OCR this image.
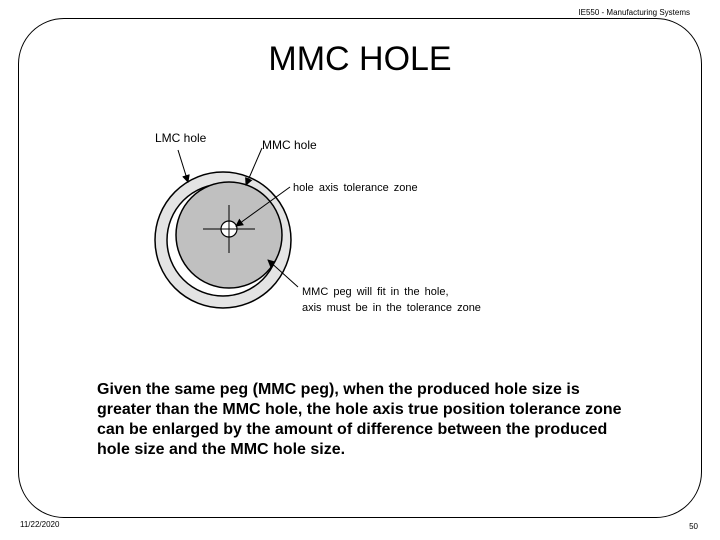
IE550 - Manufacturing Systems
MMC HOLE
LMC hole	MMC hole
hole axis tolerance zone
MMC peg will fit in the hole,
axis must be in the tolerance zone

Given the same peg (MMC peg), when the produced hole size is greater than the MMC hole, the hole axis true position tolerance zone can be enlarged by the amount of difference between the produced hole size and the MMC hole size.

11/22/2020	50
